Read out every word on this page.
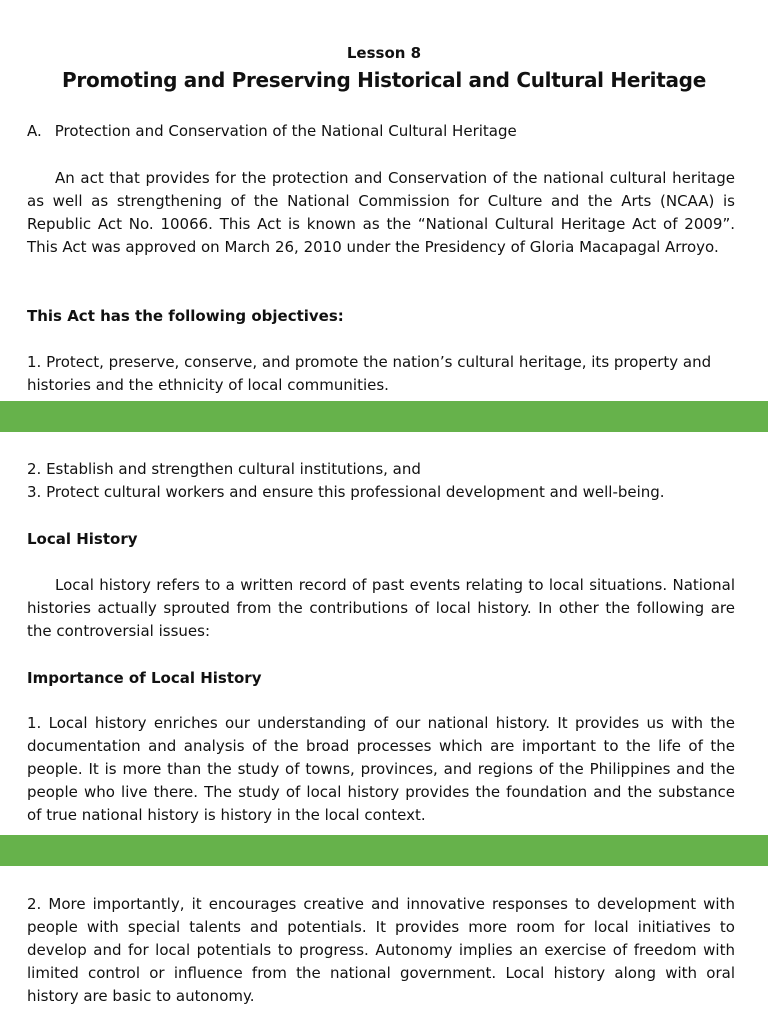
Lesson 8
Promoting and Preserving Historical and Cultural Heritage
A. Protection and Conservation of the National Cultural Heritage

An act that provides for the protection and Conservation of the national cultural heritage as well as strengthening of the National Commission for Culture and the Arts (NCAA) is Republic Act No. 10066. This Act is known as the “National Cultural Heritage Act of 2009”. This Act was approved on March 26, 2010 under the Presidency of Gloria Macapagal Arroyo.

This Act has the following objectives:

1. Protect, preserve, conserve, and promote the nation’s cultural heritage, its property and histories and the ethnicity of local communities.

2. Establish and strengthen cultural institutions, and

3. Protect cultural workers and ensure this professional development and well-being.

Local History

Local history refers to a written record of past events relating to local situations. National histories actually sprouted from the contributions of local history. In other the following are the controversial issues:

Importance of Local History

1. Local history enriches our understanding of our national history. It provides us with the documentation and analysis of the broad processes which are important to the life of the people. It is more than the study of towns, provinces, and regions of the Philippines and the people who live there. The study of local history provides the foundation and the substance of true national history is history in the local context.

2. More importantly, it encourages creative and innovative responses to development with people with special talents and potentials. It provides more room for local initiatives to develop and for local potentials to progress. Autonomy implies an exercise of freedom with limited control or influence from the national government. Local history along with oral history are basic to autonomy.
